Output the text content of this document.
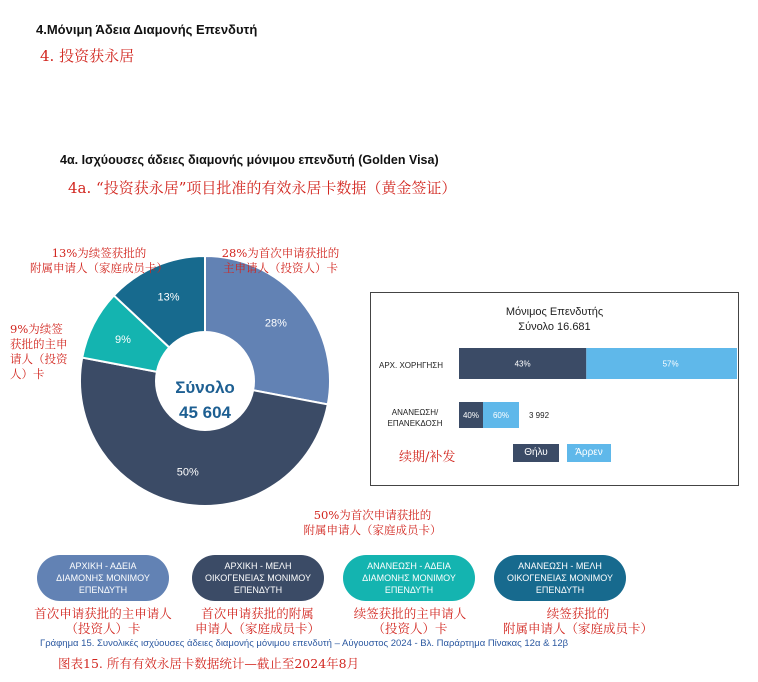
4.Μόνιμη Άδεια Διαμονής Επενδυτή
4. 投资获永居
4α. Ισχύουσες άδειες διαμονής μόνιμου επενδυτή (Golden Visa)
4a. “投资获永居”项目批准的有效永居卡数据（黄金签证）
28%
50%
9%
13%
Σύνολο
45 604
13%为续签获批的
附属申请人（家庭成员卡）
28%为首次申请获批的
主申请人（投资人）卡
9%为续签
获批的主申
请人（投资
人）卡
50%为首次申请获批的
附属申请人（家庭成员卡）
Μόνιμος Επενδυτής
Σύνολο 16.681
ΑΡΧ. ΧΟΡΗΓΗΣΗ
ΑΝΑΝΕΩΣΗ/ ΕΠΑΝΕΚΔΟΣΗ
43%	57%
40% 60% 3 992
续期/补发	Θήλυ	Άρρεν
ΑΡΧΙΚΗ - ΑΔΕΙΑ ΔΙΑΜΟΝΗΣ ΜΟΝΙΜΟΥ ΕΠΕΝΔΥΤΗ
ΑΡΧΙΚΗ - ΜΕΛΗ ΟΙΚΟΓΕΝΕΙΑΣ ΜΟΝΙΜΟΥ ΕΠΕΝΔΥΤΗ
ΑΝΑΝΕΩΣΗ - ΑΔΕΙΑ ΔΙΑΜΟΝΗΣ ΜΟΝΙΜΟΥ ΕΠΕΝΔΥΤΗ
ΑΝΑΝΕΩΣΗ - ΜΕΛΗ ΟΙΚΟΓΕΝΕΙΑΣ ΜΟΝΙΜΟΥ ΕΠΕΝΔΥΤΗ
首次申请获批的主申请人
（投资人）卡
首次申请获批的附属
申请人（家庭成员卡）
续签获批的主申请人
（投资人）卡
续签获批的
附属申请人（家庭成员卡）
Γράφημα 15. Συνολικές ισχύουσες άδειες διαμονής μόνιμου επενδυτή – Αύγουστος 2024 - Βλ. Παράρτημα Πίνακας 12α & 12β
图表15. 所有有效永居卡数据统计—截止至2024年8月
